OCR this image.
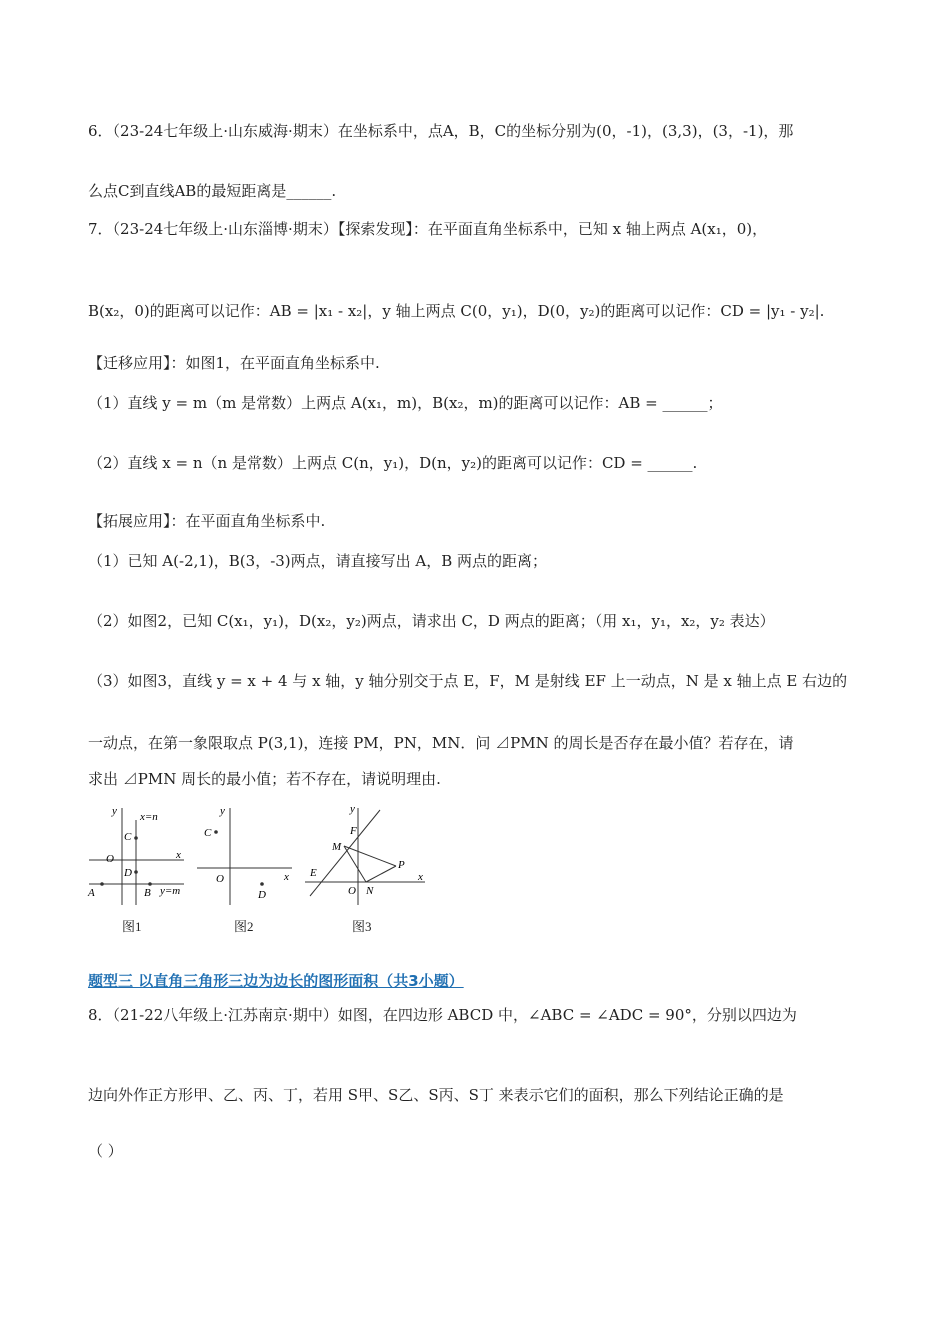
6．（23-24七年级上·山东威海·期末）在坐标系中，点A，B，C的坐标分别为(0，-1)，(3,3)，(3，-1)，那
么点C到直线AB的最短距离是______.
7．（23-24七年级上·山东淄博·期末）【探索发现】：在平面直角坐标系中，已知 x 轴上两点 A(x₁，0)，
B(x₂，0)的距离可以记作：AB = |x₁ - x₂|，y 轴上两点 C(0，y₁)，D(0，y₂)的距离可以记作：CD = |y₁ - y₂|.
【迁移应用】：如图1，在平面直角坐标系中.
（1）直线 y = m（m 是常数）上两点 A(x₁，m)，B(x₂，m)的距离可以记作：AB = ______；
（2）直线 x = n（n 是常数）上两点 C(n，y₁)，D(n，y₂)的距离可以记作：CD = ______.
【拓展应用】：在平面直角坐标系中.
（1）已知 A(-2,1)，B(3，-3)两点，请直接写出 A，B 两点的距离；
（2）如图2，已知 C(x₁，y₁)，D(x₂，y₂)两点，请求出 C，D 两点的距离；（用 x₁，y₁，x₂，y₂ 表达）
（3）如图3，直线 y = x + 4 与 x 轴，y 轴分别交于点 E，F，M 是射线 EF 上一动点，N 是 x 轴上点 E 右边的
一动点，在第一象限取点 P(3,1)，连接 PM，PN，MN．问 ⊿PMN 的周长是否存在最小值？若存在，请
求出 ⊿PMN 周长的最小值；若不存在，请说明理由.
y x=n
C
O	x
D
A	B y=m
图1
y
C
O	x
D
图2
y
F
M
P
E
O N
x
图3
题型三 以直角三角形三边为边长的图形面积（共3小题）
8．（21-22八年级上·江苏南京·期中）如图，在四边形 ABCD 中，∠ABC = ∠ADC = 90°，分别以四边为
边向外作正方形甲、乙、丙、丁，若用 S甲、S乙、S丙、S丁 来表示它们的面积，那么下列结论正确的是
（ ）
